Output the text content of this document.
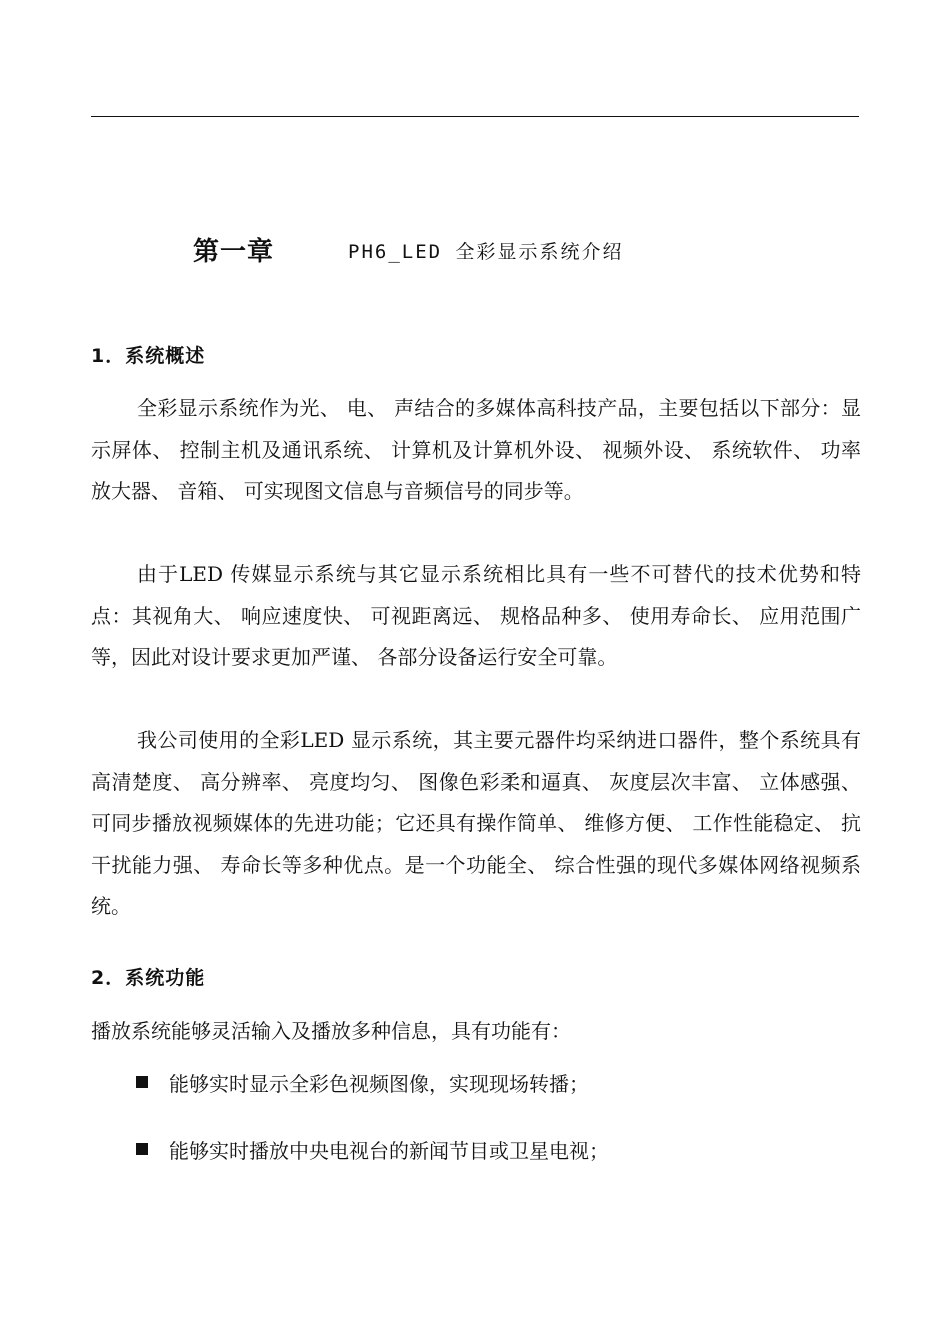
第一章	PH6_LED 全彩显示系统介绍
1．系统概述

全彩显示系统作为光、 电、 声结合的多媒体高科技产品，主要包括以下部分：显示屏体、 控制主机及通讯系统、 计算机及计算机外设、 视频外设、 系统软件、 功率放大器、 音箱、 可实现图文信息与音频信号的同步等。

由于LED 传媒显示系统与其它显示系统相比具有一些不可替代的技术优势和特点：其视角大、 响应速度快、 可视距离远、 规格品种多、 使用寿命长、 应用范围广等，因此对设计要求更加严谨、 各部分设备运行安全可靠。

我公司使用的全彩LED 显示系统，其主要元器件均采纳进口器件，整个系统具有高清楚度、 高分辨率、 亮度均匀、 图像色彩柔和逼真、 灰度层次丰富、 立体感强、 可同步播放视频媒体的先进功能；它还具有操作简单、 维修方便、 工作性能稳定、 抗干扰能力强、 寿命长等多种优点。是一个功能全、 综合性强的现代多媒体网络视频系统。

2．系统功能

播放系统能够灵活输入及播放多种信息，具有功能有：

能够实时显示全彩色视频图像，实现现场转播；
能够实时播放中央电视台的新闻节目或卫星电视；
